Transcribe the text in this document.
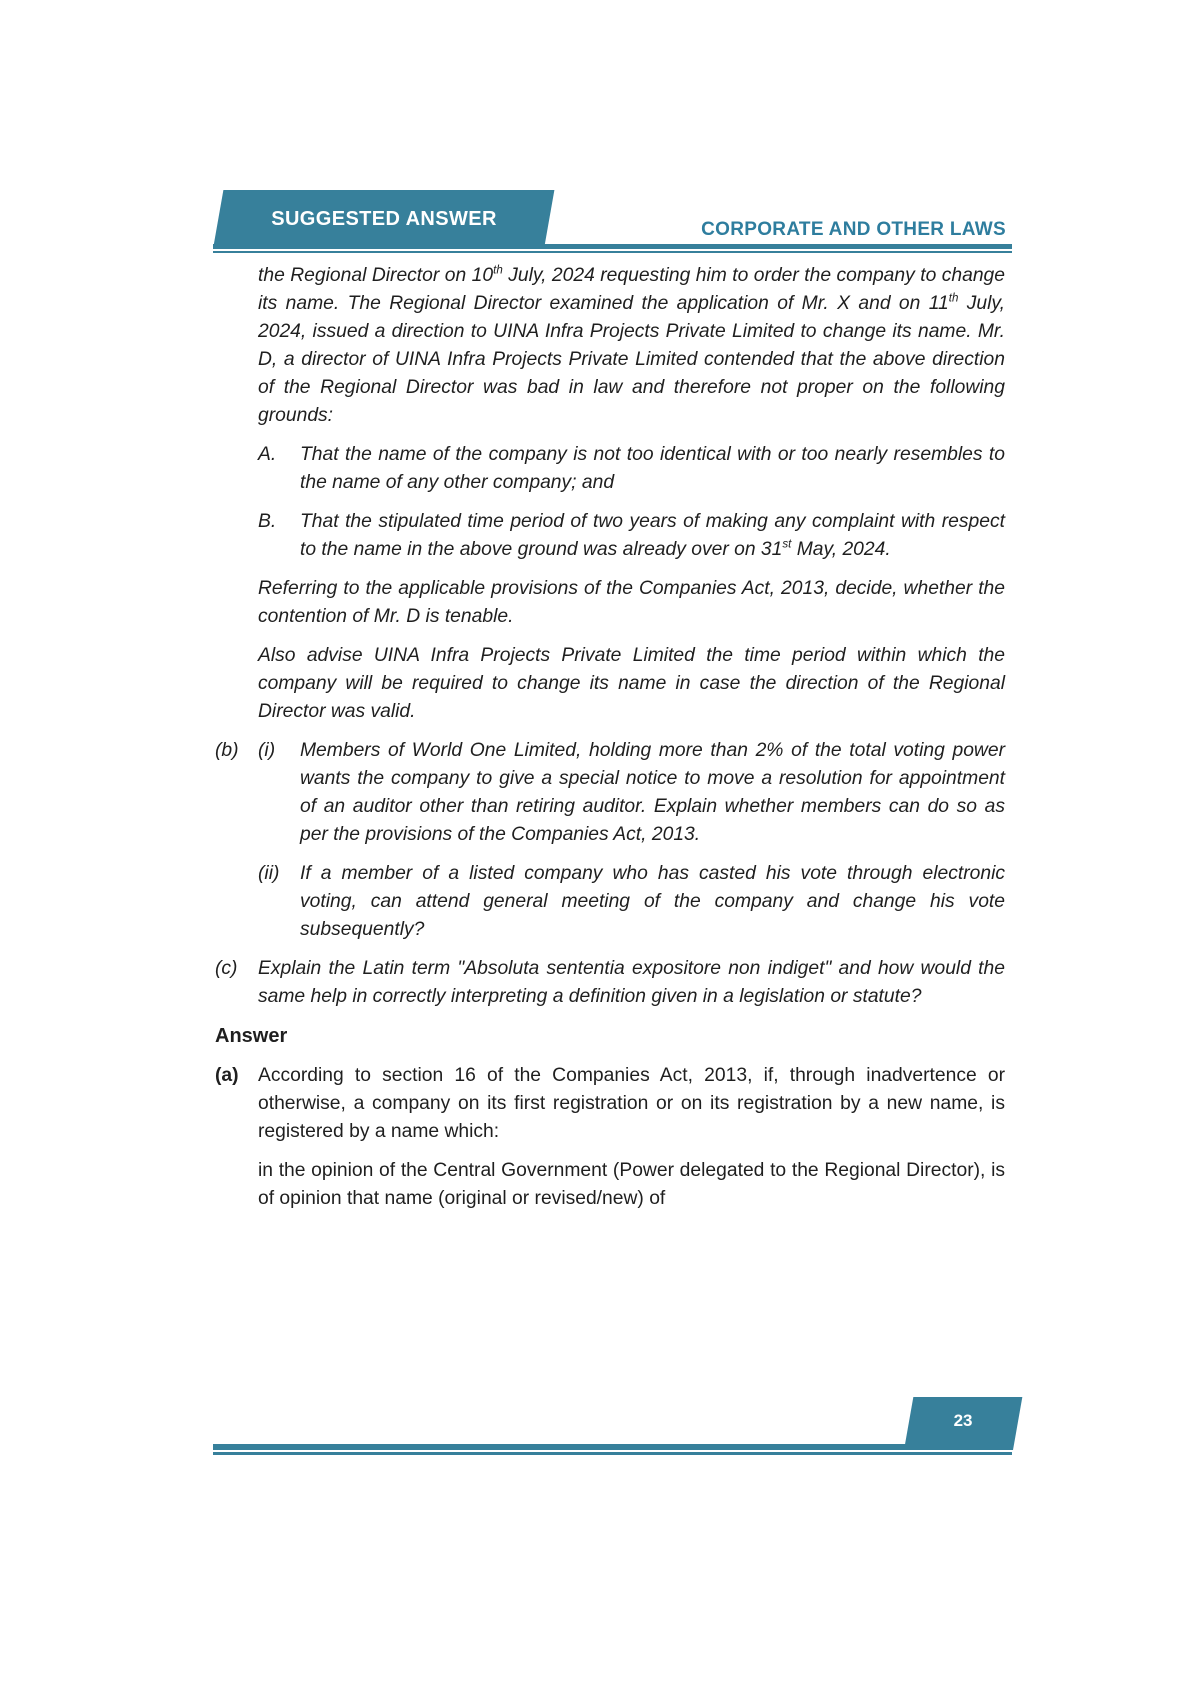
SUGGESTED ANSWER	CORPORATE AND OTHER LAWS

the Regional Director on 10th July, 2024 requesting him to order the company to change its name. The Regional Director examined the application of Mr. X and on 11th July, 2024, issued a direction to UINA Infra Projects Private Limited to change its name. Mr. D, a director of UINA Infra Projects Private Limited contended that the above direction of the Regional Director was bad in law and therefore not proper on the following grounds:

A.	That the name of the company is not too identical with or too nearly resembles to the name of any other company; and
B.	That the stipulated time period of two years of making any complaint with respect to the name in the above ground was already over on 31st May, 2024.

Referring to the applicable provisions of the Companies Act, 2013, decide, whether the contention of Mr. D is tenable.

Also advise UINA Infra Projects Private Limited the time period within which the company will be required to change its name in case the direction of the Regional Director was valid.

(b)	(i)	Members of World One Limited, holding more than 2% of the total voting power wants the company to give a special notice to move a resolution for appointment of an auditor other than retiring auditor. Explain whether members can do so as per the provisions of the Companies Act, 2013.
(ii)	If a member of a listed company who has casted his vote through electronic voting, can attend general meeting of the company and change his vote subsequently?
(c)	Explain the Latin term "Absoluta sententia expositore non indiget" and how would the same help in correctly interpreting a definition given in a legislation or statute?

Answer

(a)	According to section 16 of the Companies Act, 2013, if, through inadvertence or otherwise, a company on its first registration or on its registration by a new name, is registered by a name which:

in the opinion of the Central Government (Power delegated to the Regional Director), is of opinion that name (original or revised/new) of

23
